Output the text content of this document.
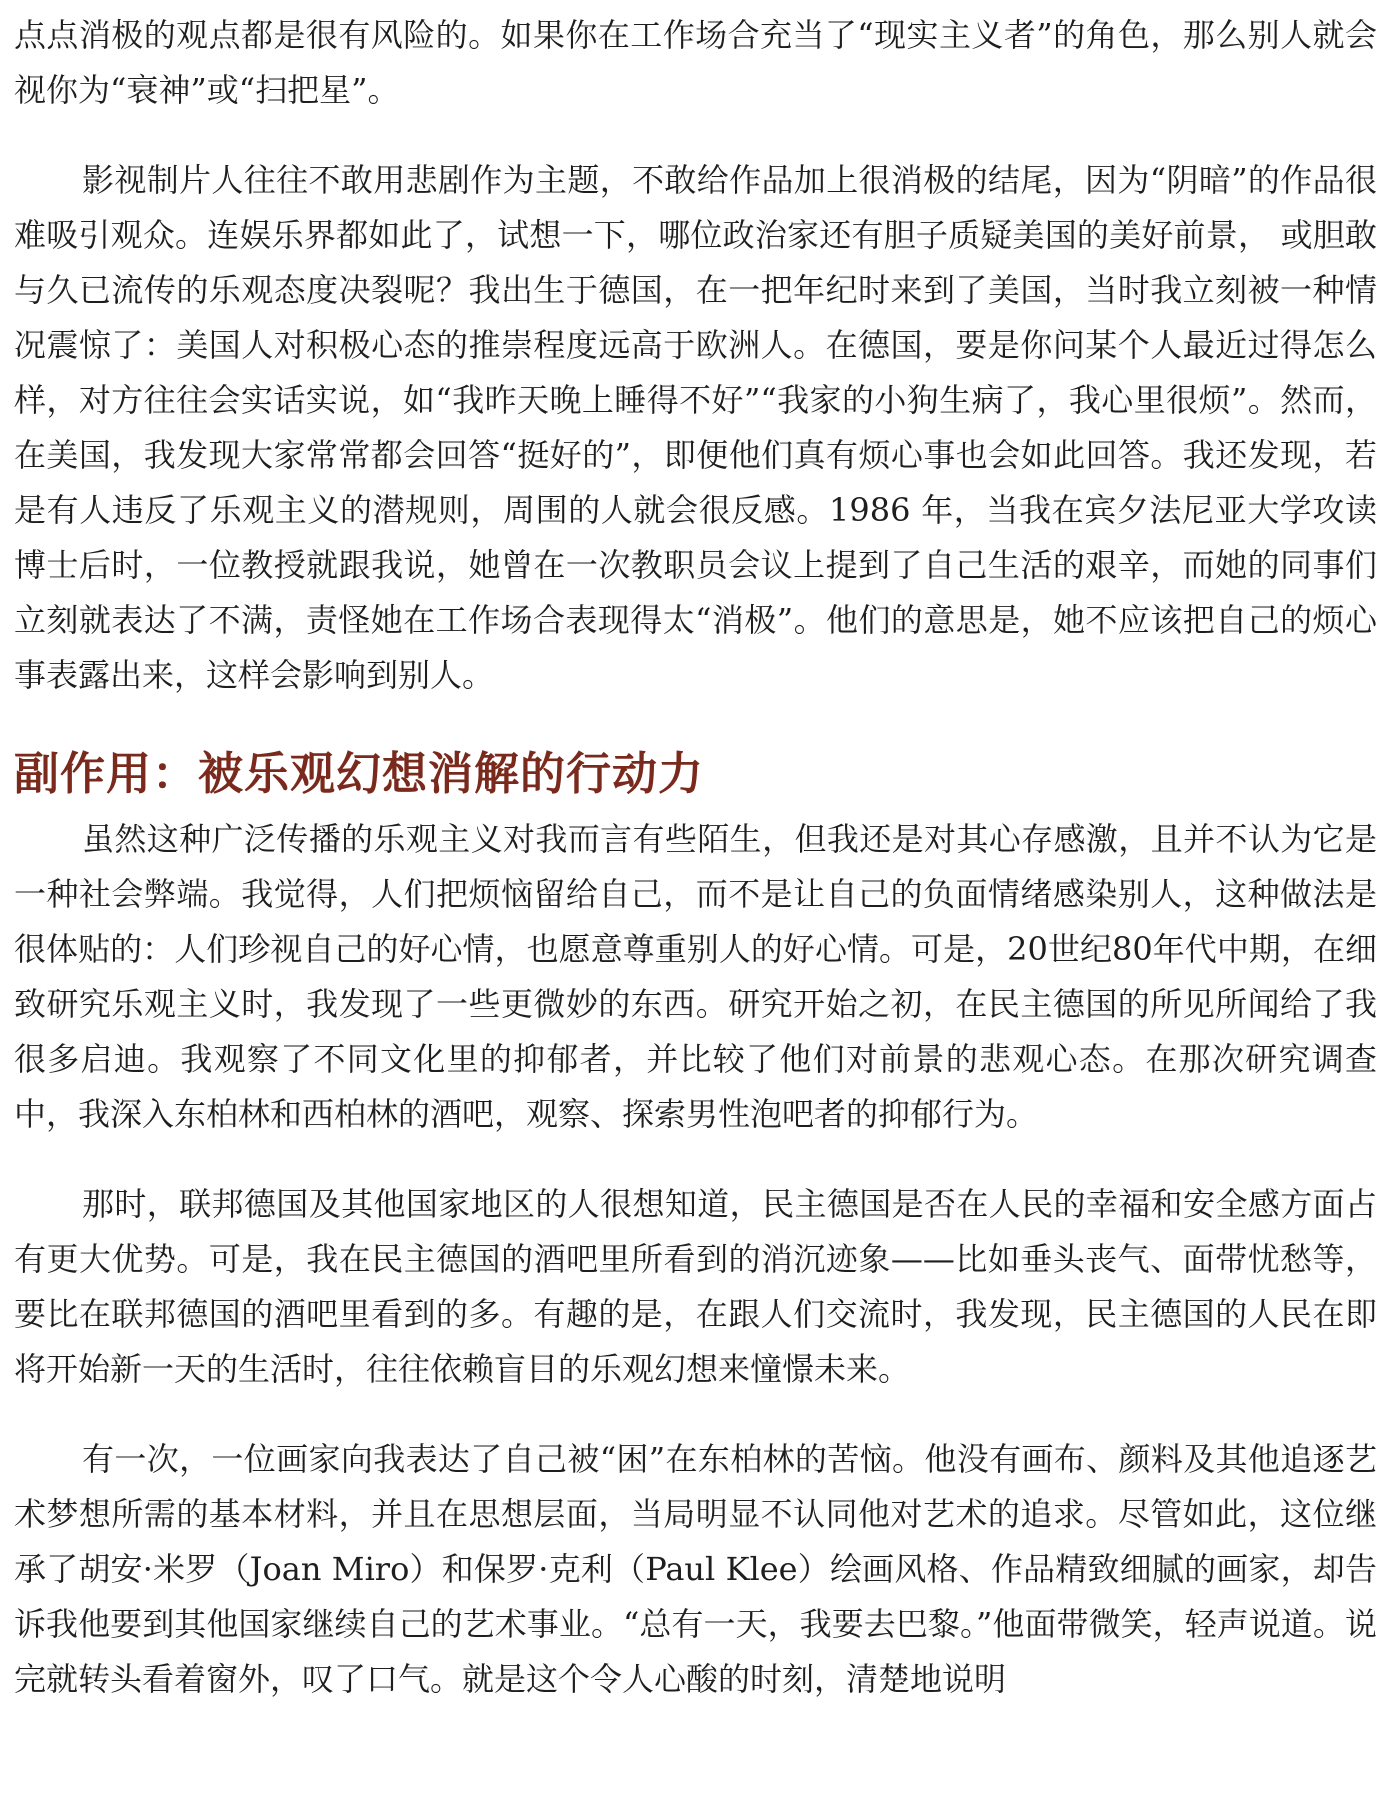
点点消极的观点都是很有风险的。如果你在工作场合充当了“现实主义者”的角色，那么别人就会视你为“衰神”或“扫把星”。

影视制片人往往不敢用悲剧作为主题，不敢给作品加上很消极的结尾，因为“阴暗”的作品很难吸引观众。连娱乐界都如此了，试想一下，哪位政治家还有胆子质疑美国的美好前景， 或胆敢与久已流传的乐观态度决裂呢？我出生于德国，在一把年纪时来到了美国，当时我立刻被一种情况震惊了：美国人对积极心态的推崇程度远高于欧洲人。在德国，要是你问某个人最近过得怎么样，对方往往会实话实说，如“我昨天晚上睡得不好”“我家的小狗生病了，我心里很烦”。然而，在美国，我发现大家常常都会回答“挺好的”，即便他们真有烦心事也会如此回答。我还发现，若是有人违反了乐观主义的潜规则，周围的人就会很反感。1986 年，当我在宾夕法尼亚大学攻读博士后时，一位教授就跟我说，她曾在一次教职员会议上提到了自己生活的艰辛，而她的同事们立刻就表达了不满，责怪她在工作场合表现得太“消极”。他们的意思是，她不应该把自己的烦心事表露出来，这样会影响到别人。

副作用：被乐观幻想消解的行动力

虽然这种广泛传播的乐观主义对我而言有些陌生，但我还是对其心存感激，且并不认为它是一种社会弊端。我觉得，人们把烦恼留给自己，而不是让自己的负面情绪感染别人，这种做法是很体贴的：人们珍视自己的好心情，也愿意尊重别人的好心情。可是，20世纪80年代中期，在细致研究乐观主义时，我发现了一些更微妙的东西。研究开始之初，在民主德国的所见所闻给了我很多启迪。我观察了不同文化里的抑郁者，并比较了他们对前景的悲观心态。在那次研究调查中，我深入东柏林和西柏林的酒吧，观察、探索男性泡吧者的抑郁行为。

那时，联邦德国及其他国家地区的人很想知道，民主德国是否在人民的幸福和安全感方面占有更大优势。可是，我在民主德国的酒吧里所看到的消沉迹象——比如垂头丧气、面带忧愁等，要比在联邦德国的酒吧里看到的多。有趣的是，在跟人们交流时，我发现，民主德国的人民在即将开始新一天的生活时，往往依赖盲目的乐观幻想来憧憬未来。

有一次，一位画家向我表达了自己被“困”在东柏林的苦恼。他没有画布、颜料及其他追逐艺术梦想所需的基本材料，并且在思想层面，当局明显不认同他对艺术的追求。尽管如此，这位继承了胡安·米罗（Joan Miro）和保罗·克利（Paul Klee）绘画风格、作品精致细腻的画家，却告诉我他要到其他国家继续自己的艺术事业。“总有一天，我要去巴黎。”他面带微笑，轻声说道。说完就转头看着窗外，叹了口气。就是这个令人心酸的时刻，清楚地说明
